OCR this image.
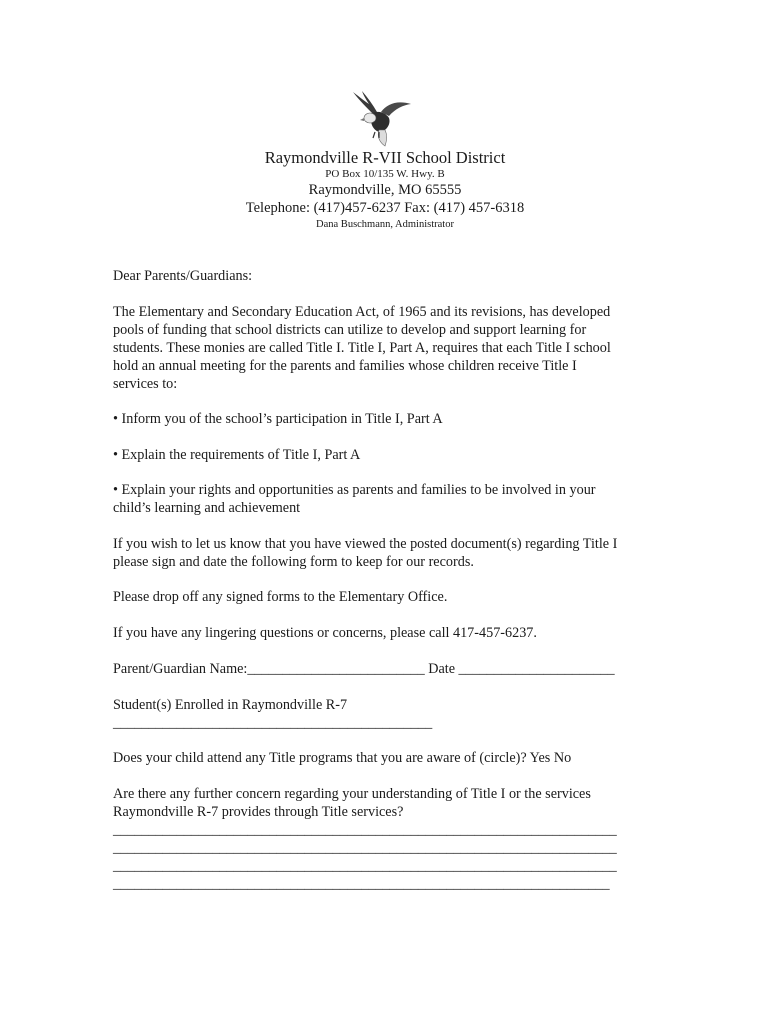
Raymondville R-VII School District
PO Box 10/135 W. Hwy. B
Raymondville, MO 65555
Telephone: (417)457-6237 Fax: (417) 457-6318
Dana Buschmann, Administrator
Dear Parents/Guardians:
The Elementary and Secondary Education Act, of 1965 and its revisions, has developed
pools of funding that school districts can utilize to develop and support learning for
students. These monies are called Title I. Title I, Part A, requires that each Title I school
hold an annual meeting for the parents and families whose children receive Title I
services to:
• Inform you of the school’s participation in Title I, Part A
• Explain the requirements of Title I, Part A
• Explain your rights and opportunities as parents and families to be involved in your
child’s learning and achievement
If you wish to let us know that you have viewed the posted document(s) regarding Title I
please sign and date the following form to keep for our records.
Please drop off any signed forms to the Elementary Office.
If you have any lingering questions or concerns, please call 417-457-6237.
Parent/Guardian Name:_________________________ Date ______________________
Student(s) Enrolled in Raymondville R-7
_____________________________________________
Does your child attend any Title programs that you are aware of (circle)? Yes No
Are there any further concern regarding your understanding of Title I or the services
Raymondville R-7 provides through Title services?
_______________________________________________________________________
_______________________________________________________________________
_______________________________________________________________________
______________________________________________________________________
